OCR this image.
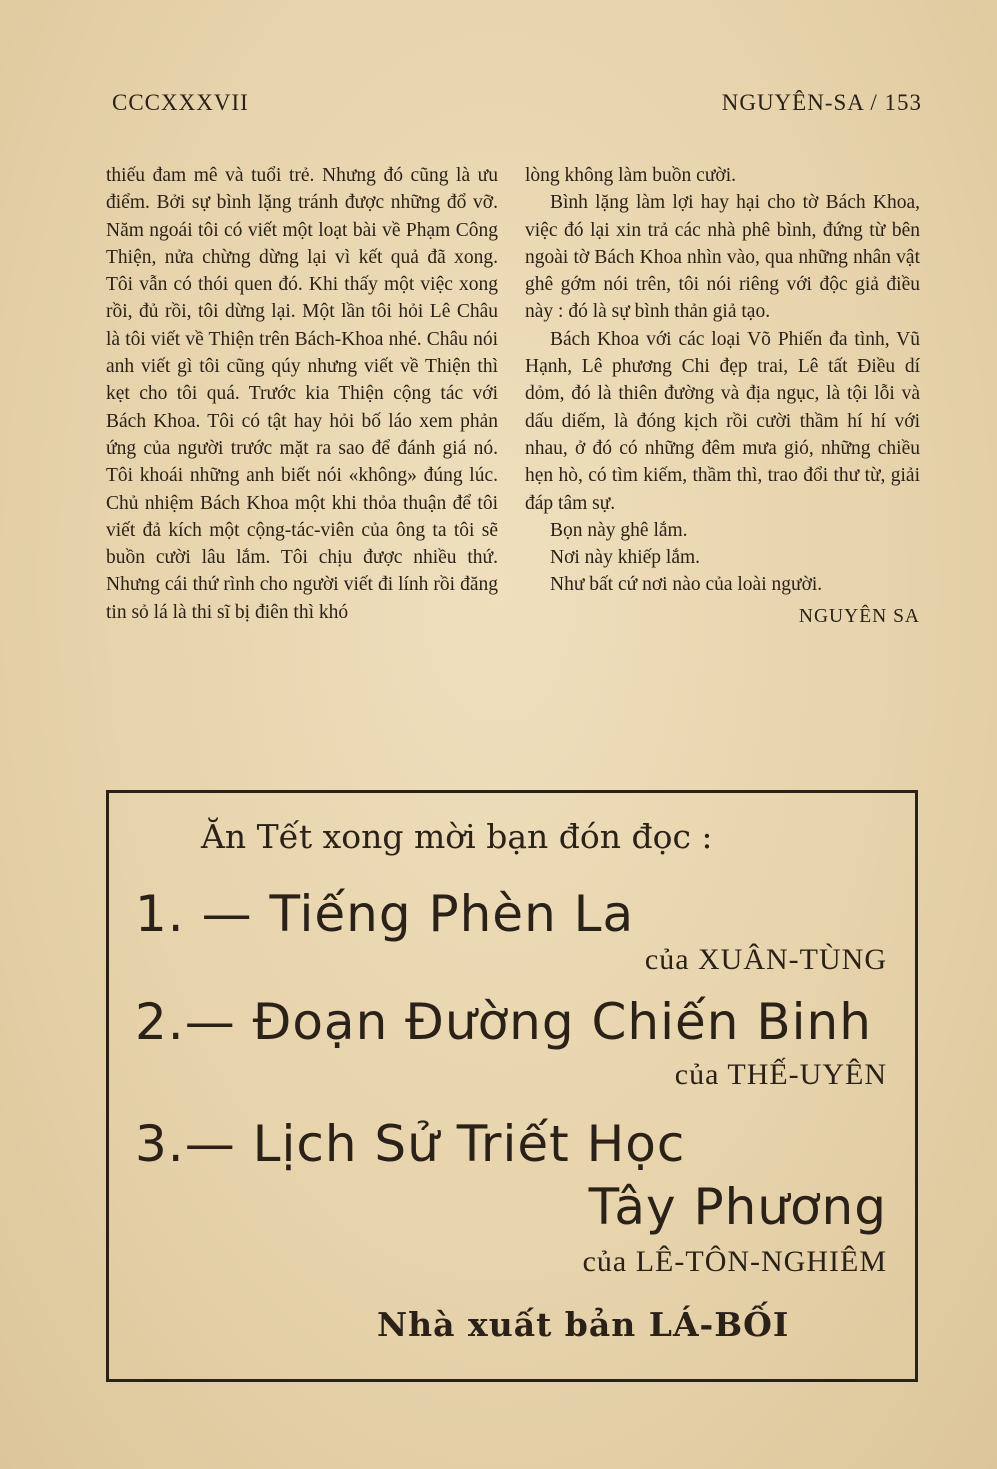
CCCXXXVII	NGUYÊN-SA / 153

thiếu đam mê và tuổi trẻ. Nhưng đó cũng là ưu điểm. Bởi sự bình lặng tránh được những đổ vỡ. Năm ngoái tôi có viết một loạt bài về Phạm Công Thiện, nửa chừng dừng lại vì kết quả đã xong. Tôi vẫn có thói quen đó. Khi thấy một việc xong rồi, đủ rồi, tôi dừng lại. Một lần tôi hỏi Lê Châu là tôi viết về Thiện trên Bách-Khoa nhé. Châu nói anh viết gì tôi cũng qúy nhưng viết về Thiện thì kẹt cho tôi quá. Trước kia Thiện cộng tác với Bách Khoa. Tôi có tật hay hỏi bố láo xem phản ứng của người trước mặt ra sao để đánh giá nó. Tôi khoái những anh biết nói «không» đúng lúc. Chủ nhiệm Bách Khoa một khi thỏa thuận để tôi viết đả kích một cộng-tác-viên của ông ta tôi sẽ buồn cười lâu lắm. Tôi chịu được nhiều thứ. Nhưng cái thứ rình cho người viết đi lính rồi đăng tin sỏ lá là thi sĩ bị điên thì khó

lòng không làm buồn cười.

Bình lặng làm lợi hay hại cho tờ Bách Khoa, việc đó lại xin trả các nhà phê bình, đứng từ bên ngoài tờ Bách Khoa nhìn vào, qua những nhân vật ghê gớm nói trên, tôi nói riêng với độc giả điều này : đó là sự bình thản giả tạo.

Bách Khoa với các loại Võ Phiến đa tình, Vũ Hạnh, Lê phương Chi đẹp trai, Lê tất Điều dí dỏm, đó là thiên đường và địa ngục, là tội lỗi và dấu diếm, là đóng kịch rồi cười thầm hí hí với nhau, ở đó có những đêm mưa gió, những chiều hẹn hò, có tìm kiếm, thầm thì, trao đổi thư từ, giải đáp tâm sự.

Bọn này ghê lắm.

Nơi này khiếp lắm.

Như bất cứ nơi nào của loài người.

NGUYÊN SA

Ăn Tết xong mời bạn đón đọc :
1. — Tiếng Phèn La
của XUÂN-TÙNG
2.— Đoạn Đường Chiến Binh
của THẾ-UYÊN
3.— Lịch Sử Triết Học
Tây Phương
của LÊ-TÔN-NGHIÊM
Nhà xuất bản LÁ-BỐI
